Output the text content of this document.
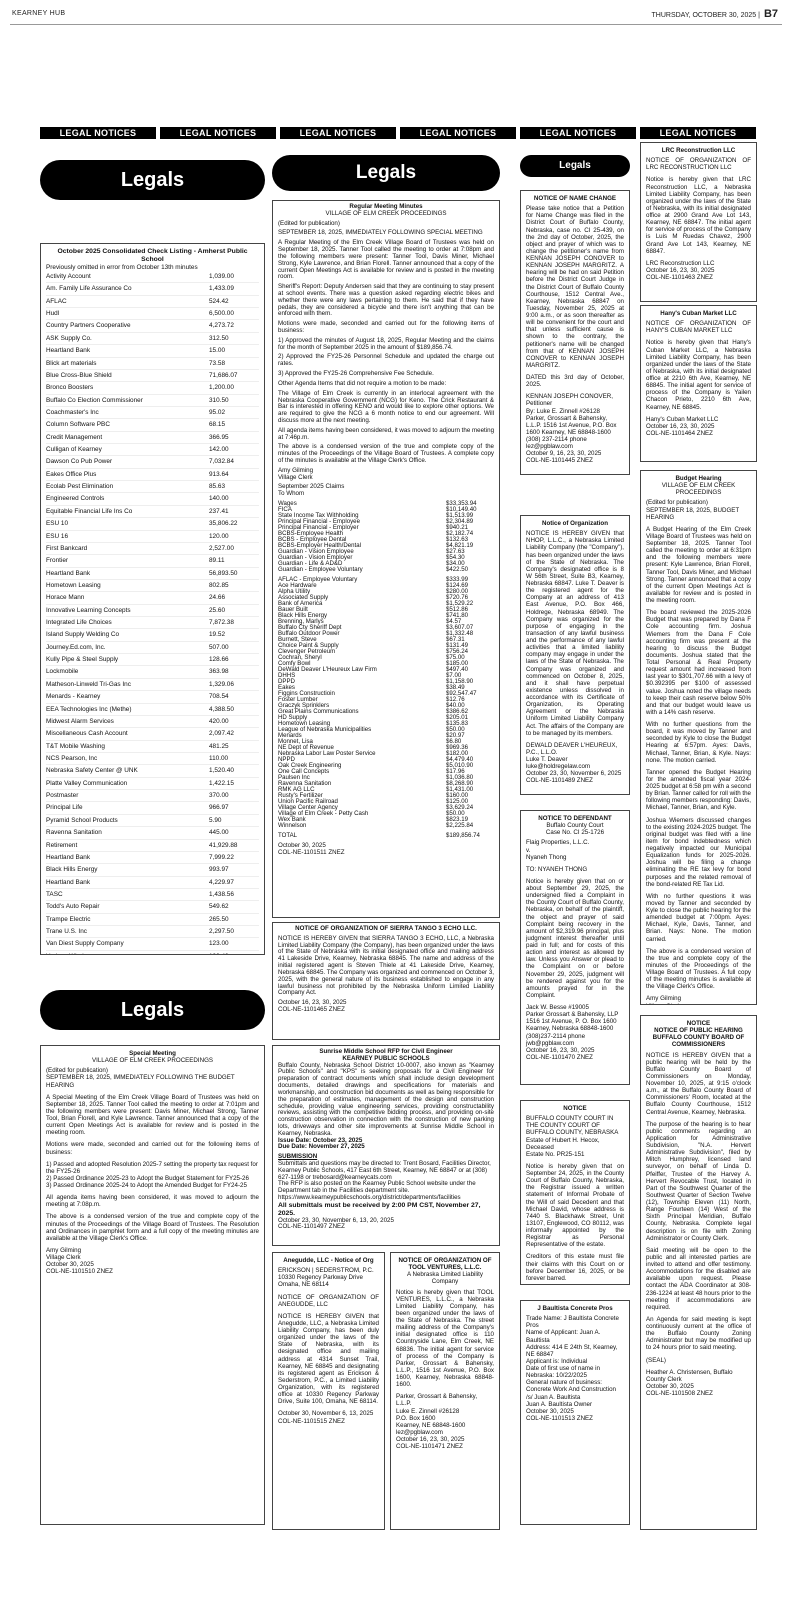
KEARNEY HUB	THURSDAY, OCTOBER 30, 2025 | B7
LEGAL NOTICES	LEGAL NOTICES	LEGAL NOTICES	LEGAL NOTICES	LEGAL NOTICES	LEGAL NOTICES
Legals	Legals	Legals
Legals
October 2025 Consolidated Check Listing - Amherst Public School
Previously omitted in error from October 13th minutes
Activity Account	1,039.00
Am. Family Life Assurance Co	1,433.09
AFLAC	524.42
Hudl	6,500.00
Country Partners Cooperative	4,273.72
ASK Supply Co.	312.50
Heartland Bank	15.00
Blick art materials	73.58
Blue Cross-Blue Shield	71,686.07
Bronco Boosters	1,200.00
Buffalo Co Election Commissioner	310.50
Coachmaster's Inc	95.02
Column Software PBC	68.15
Credit Management	366.95
Culligan of Kearney	142.00
Dawson Co Pub Power	7,032.84
Eakes Office Plus	913.64
Ecolab Pest Elimination	85.63
Engineered Controls	140.00
Equitable Financial Life Ins Co	237.41
ESU 10	35,806.22
ESU 16	120.00
First Bankcard	2,527.00
Frontier	89.11
Heartland Bank	56,893.50
Hometown Leasing	802.85
Horace Mann	24.66
Innovative Learning Concepts	25.60
Integrated Life Choices	7,872.38
Island Supply Welding Co	19.52
Journey.Ed.com, Inc.	507.00
Kully Pipe & Steel Supply	128.66
Lockmobile	363.98
Matheson-Linweld Tri-Gas Inc	1,329.06
Menards - Kearney	708.54
EEA Technologies Inc (Methe)	4,388.50
Midwest Alarm Services	420.00
Miscellaneous Cash Account	2,097.42
T&T Mobile Washing	481.25
NCS Pearson, Inc	110.00
Nebraska Safety Center @ UNK	1,520.40
Platte Valley Communication	1,422.15
Postmaster	370.00
Principal Life	966.97
Pyramid School Products	5.90
Ravenna Sanitation	445.00
Retirement	41,929.88
Heartland Bank	7,999.22
Black Hills Energy	993.97
Heartland Bank	4,229.97
TASC	1,438.56
Todd's Auto Repair	549.62
Trampe Electric	265.50
Trane U.S. Inc	2,297.50
Van Diest Supply Company	123.00
Regular Meeting Minutes
VILLAGE OF ELM CREEK PROCEEDINGS

(Edited for publication)

SEPTEMBER 18, 2025, IMMEDIATELY FOLLOWING SPECIAL MEETING

A Regular Meeting of the Elm Creek Village Board of Trustees was held on September 18, 2025. Tanner Tool called the meeting to order at 7:08pm and the following members were present: Tanner Tool, Davis Miner, Michael Strong, Kyle Lawrence, and Brian Florell. Tanner announced that a copy of the current Open Meetings Act is available for review and is posted in the meeting room.

Sheriff's Report: Deputy Andersen said that they are continuing to stay present at school events. There was a question asked regarding electric bikes and whether there were any laws pertaining to them. He said that if they have pedals, they are considered a bicycle and there isn't anything that can be enforced with them.

Motions were made, seconded and carried out for the following items of business:

1) Approved the minutes of August 18, 2025, Regular Meeting and the claims for the month of September 2025 in the amount of $189,856.74.

2) Approved the FY25-26 Personnel Schedule and updated the charge out rates.

3) Approved the FY25-26 Comprehensive Fee Schedule.

Other Agenda Items that did not require a motion to be made:

The Village of Elm Creek is currently in an interlocal agreement with the Nebraska Cooperative Government (NCG) for Keno. The Crick Restaurant & Bar is interested in offering KENO and would like to explore other options. We are required to give the NCG a 6 month notice to end our agreement. Will discuss more at the next meeting.

All agenda items having been considered, it was moved to adjourn the meeting at 7:46p.m.

The above is a condensed version of the true and complete copy of the minutes of the Proceedings of the Village Board of Trustees. A complete copy of the minutes is available at the Village Clerk's Office.

Amy Gilming
Village Clerk

September 2025 Claims
To Whom

Wages	$33,353.94
FICA	$10,149.40
State Income Tax Withholding	$1,513.99
Principal Financial - Employee	$2,304.89
Principal Financial - Employer	$940.21
BCBS-Employee Health	$2,182.74
BCBS - Employee Dental	$132.63
BCBS-Employer Health/Dental	$4,821.19
Guardian - Vision Employee	$27.63
Guardian - Vision Employer	$54.30
Guardian - Life & AD&D	$34.00
Guardian - Employee Voluntary	$422.50
AFLAC - Employee Voluntary	$333.99
Ace Hardware	$124.69
Alpha Utility	$280.00
Associated Supply	$720.76
Bank of America	$1,529.22
Bauer Built	$512.86
Black Hills Energy	$741.80
Brenning, Marlys	$4.57
Buffalo Cty Sheriff Dept	$3,607.07
Buffalo Outdoor Power	$1,332.48
Burnett, Steve	$67.31
Choice Paint & Supply	$131.49
Clevenger Petroleum	$756.24
Cochran, Sheryl	$75.00
Comfy Bowl	$185.00
DeWald Deaver L'Heureux Law Firm	$497.40
DHHS	$7.00
DPPD	$1,158.90
Eakes	$38.49
Figgins Constructioin	$92,547.47
Foster Lumber	$12.76
Graczyk Sprinklers	$40.00
Great Plains Communications	$386.62
HD Supply	$205.01
Hometown Leasing	$135.83
League of Nebraska Municipalities	$50.00
Menards	$20.97
Monnet, Lisa	$6.80
NE Dept of Revenue	$969.36
Nebraska Labor Law Poster Service	$182.00
NPPD	$4,479.40
Oak Creek Engineering	$5,010.90
One Call Concepts	$17.96
Paulsen Inc	$1,036.80
Ravenna Sanitation	$8,268.90
RMK AG LLC	$1,431.00
Rusty's Fertilizer	$160.00
Union Pacific Railroad	$125.00
Village Center Agency	$3,629.24
Village of Elm Creek - Petty Cash	$50.00
Wex Bank	$823.19
Winnelson	$2,225.84
TOTAL	$189,856.74

October 30, 2025
COL-NE-1101511 ZNEZ

NOTICE OF ORGANIZATION OF SIERRA TANGO 3 ECHO LLC.

NOTICE IS HEREBY GIVEN that SIERRA TANGO 3 ECHO, LLC, a Nebraska Limited Liability Company (the Company), has been organized under the laws of the State of Nebraska with its initial designated office and mailing address 41 Lakeside Drive, Kearney, Nebraska 68845. The name and address of the initial registered agent is Steven Thiele at 41 Lakeside Drive, Kearney, Nebraska 68845. The Company was organized and commenced on October 3, 2025, with the general nature of its business established to engage in any lawful business not prohibited by the Nebraska Uniform Limited Liability Company Act.

October 16, 23, 30, 2025
COL-NE-1101465 ZNEZ

Sunrise Middle School RFP for Civil Engineer
KEARNEY PUBLIC SCHOOLS

Buffalo County, Nebraska School District 10-0007, also known as "Kearney Public Schools" and "KPS" is seeking proposals for a Civil Engineer for preparation of contract documents which shall include design development documents, detailed drawings and specifications for materials and workmanship, and construction bid documents as well as being responsible for the preparation of estimates, management of the design and construction schedule, providing value engineering services, providing constructability reviews, assisting with the competitive bidding process, and providing on-site construction observation in connection with the construction of new parking lots, driveways and other site improvements at Sunrise Middle School in Kearney, Nebraska.

Issue Date: October 23, 2025
Due Date: November 27, 2025
SUBMISSION

Submittals and questions may be directed to: Trent Bosard, Facilities Director, Kearney Public Schools, 417 East 6th Street, Kearney, NE 68847 or at (308) 627-1198 or trebosard@kearneycats.com
The RFP is also posted on the Kearney Public School website under the Department tab in the Facilities department site. https://www.kearneypublicschools.org/district/departments/facilities

All submittals must be received by 2:00 PM CST, November 27, 2025.

October 23, 30, November 6, 13, 20, 2025
COL-NE-1101497 ZNEZ

Special Meeting
VILLAGE OF ELM CREEK PROCEEDINGS

(Edited for publication)
SEPTEMBER 18, 2025, IMMEDIATELY FOLLOWING THE BUDGET HEARING

A Special Meeting of the Elm Creek Village Board of Trustees was held on September 18, 2025. Tanner Tool called the meeting to order at 7:01pm and the following members were present: Davis Miner, Michael Strong, Tanner Tool, Brian Florell, and Kyle Lawrence. Tanner announced that a copy of the current Open Meetings Act is available for review and is posted in the meeting room.

Motions were made, seconded and carried out for the following items of business:

1) Passed and adopted Resolution 2025-7 setting the property tax request for the FY25-26
2) Passed Ordinance 2025-23 to Adopt the Budget Statement for FY25-26
3) Passed Ordinance 2025-24 to Adopt the Amended Budget for FY24-25

All agenda items having been considered, it was moved to adjourn the meeting at 7:08p.m.

The above is a condensed version of the true and complete copy of the minutes of the Proceedings of the Village Board of Trustees. The Resolution and Ordinances in pamphlet form and a full copy of the meeting minutes are available at the Village Clerk's Office.

Amy Gilming
Village Clerk
October 30, 2025
COL-NE-1101510 ZNEZ

Anegudde, LLC - Notice of Org

ERICKSON | SEDERSTROM, P.C.
10330 Regency Parkway Drive
Omaha, NE 68114

NOTICE OF ORGANIZATION OF ANEGUDDE, LLC

NOTICE IS HEREBY GIVEN that Anegudde, LLC, a Nebraska Limited Liability Company, has been duly organized under the laws of the State of Nebraska, with its designated office and mailing address at 4314 Sunset Trail, Kearney, NE 68845 and designating its registered agent as Erickson & Sederstrom, P.C., a Limited Liability Organization, with its registered office at 10330 Regency Parkway Drive, Suite 100, Omaha, NE 68114.

October 30, November 6, 13, 2025
COL-NE-1101515 ZNEZ

NOTICE OF ORGANIZATION OF TOOL VENTURES, L.L.C.
A Nebraska Limited Liability Company

Notice is hereby given that TOOL VENTURES, L.L.C., a Nebraska Limited Liability Company, has been organized under the laws of the State of Nebraska. The street mailing address of the Company's initial designated office is 110 Countryside Lane, Elm Creek, NE 68836. The initial agent for service of process of the Company is Parker, Grossart & Bahensky, L.L.P., 1516 1st Avenue, P.O. Box 1600, Kearney, Nebraska 68848-1600.

Parker, Grossart & Bahensky, L.L.P.
Luke E. Zinnell #26128
P.O. Box 1600
Kearney, NE 68848-1600
lez@pgblaw.com
October 16, 23, 30, 2025
COL-NE-1101471 ZNEZ

NOTICE OF NAME CHANGE

Please take notice that a Petition for Name Change was filed in the District Court of Buffalo County, Nebraska, case no. CI 25-439, on the 2nd day of October, 2025, the object and prayer of which was to change the petitioner's name from KENNAN JOSEPH CONOVER to KENNAN JOSEPH MARGRITZ. A hearing will be had on said Petition before the District Court Judge in the District Court of Buffalo County Courthouse, 1512 Central Ave., Kearney, Nebraska 68847 on Tuesday, November 25, 2025 at 9:00 a.m., or as soon thereafter as will be convenient for the court and that unless sufficient cause is shown to the contrary, the petitioner's name will be changed from that of KENNAN JOSEPH CONOVER to KENNAN JOSEPH MARGRITZ.

DATED this 3rd day of October, 2025.

KENNAN JOSEPH CONOVER, Petitioner
By: Luke E. Zinnell #26128
Parker, Grossart & Bahensky, L.L.P. 1516 1st Avenue, P.O. Box 1600 Kearney, NE 68848-1600
(308) 237-2114 phone
lez@pgblaw.com
October 9, 16, 23, 30, 2025
COL-NE-1101445 ZNEZ

Notice of Organization

NOTICE IS HEREBY GIVEN that NHOP, L.L.C., a Nebraska Limited Liability Company (the "Company"), has been organized under the laws of the State of Nebraska. The Company's designated office is 8 W 56th Street, Suite B3, Kearney, Nebraska 68847. Luke T. Deaver is the registered agent for the Company at an address of 413 East Avenue, P.O. Box 466, Holdrege, Nebraska 68949. The Company was organized for the purpose of engaging in the transaction of any lawful business and the performance of any lawful activities that a limited liability company may engage in under the laws of the State of Nebraska. The Company was organized and commenced on October 8, 2025, and it shall have perpetual existence unless dissolved in accordance with its Certificate of Organization, its Operating Agreement or the Nebraska Uniform Limited Liability Company Act. The affairs of the Company are to be managed by its members.

DEWALD DEAVER L'HEUREUX, P.C., L.L.O.
Luke T. Deaver
luke@holdregelaw.com
October 23, 30, November 6, 2025
COL-NE-1101489 ZNEZ

NOTICE TO DEFENDANT
Buffalo County Court
Case No. CI 25-1726

Flaig Properties, L.L.C.
v.
Nyaneh Thong

TO: NYANEH THONG

Notice is hereby given that on or about September 29, 2025, the undersigned filed a Complaint in the County Court of Buffalo County, Nebraska, on behalf of the plaintiff, the object and prayer of said Complaint being recovery in the amount of $2,319.96 principal, plus judgment interest thereafter until paid in full; and for costs of this action and interest as allowed by law. Unless you Answer or plead to the Complaint on or before November 29, 2025, judgment will be rendered against you for the amounts prayed for in the Complaint.

Jack W. Besse #19005
Parker Grossart & Bahensky, LLP
1516 1st Avenue, P. O. Box 1600
Kearney, Nebraska 68848-1600
(308)237-2114 phone
jwb@pgblaw.com
October 16, 23, 30, 2025
COL-NE-1101470 ZNEZ

NOTICE

BUFFALO COUNTY COURT IN THE COUNTY COURT OF BUFFALO COUNTY, NEBRASKA
Estate of Hubert H. Hecox, Deceased
Estate No. PR25-151

Notice is hereby given that on September 24, 2025, in the County Court of Buffalo County, Nebraska, the Registrar issued a written statement of Informal Probate of the Will of said Decedent and that Michael David, whose address is 7440 S. Blackhawk Street, Unit 13107, Englewood, CO 80112, was informally appointed by the Registrar as Personal Representative of the estate.

Creditors of this estate must file their claims with this Court on or before December 16, 2025, or be forever barred.

J Baultista Concrete Pros

Trade Name: J Baultista Concrete Pros
Name of Applicant: Juan A. Baultista
Address: 414 E 24th St, Kearney, NE 68847
Applicant is: Individual
Date of first use of name in Nebraska: 10/22/2025
General nature of business: Concrete Work And Construction
/s/ Juan A. Baultista
Juan A. Baultista Owner
October 30, 2025
COL-NE-1101513 ZNEZ

LRC Reconstruction LLC

NOTICE OF ORGANIZATION OF LRC RECONSTRUCTION LLC

Notice is hereby given that LRC Reconstruction LLC, a Nebraska Limited Liability Company, has been organized under the laws of the State of Nebraska, with its initial designated office at 2900 Grand Ave Lot 143, Kearney, NE 68847. The initial agent for service of process of the Company is Luis M Ruedas Chavez, 2900 Grand Ave Lot 143, Kearney, NE 68847.

LRC Reconstruction LLC
October 16, 23, 30, 2025
COL-NE-1101463 ZNEZ

Hany's Cuban Market LLC

NOTICE OF ORGANIZATION OF HANY'S CUBAN MARKET LLC

Notice is hereby given that Hany's Cuban Market LLC, a Nebraska Limited Liability Company, has been organized under the laws of the State of Nebraska, with its initial designated office at 2210 6th Ave, Kearney, NE 68845. The initial agent for service of process of the Company is Yailen Chacon Prieto, 2210 6th Ave, Kearney, NE 68845.

Hany's Cuban Market LLC
October 16, 23, 30, 2025
COL-NE-1101464 ZNEZ

Budget Hearing
VILLAGE OF ELM CREEK PROCEEDINGS

(Edited for publication)
SEPTEMBER 18, 2025, BUDGET HEARING

A Budget Hearing of the Elm Creek Village Board of Trustees was held on September 18, 2025. Tanner Tool called the meeting to order at 6:31pm and the following members were present: Kyle Lawrence, Brian Florell, Tanner Tool, Davis Miner, and Michael Strong. Tanner announced that a copy of the current Open Meetings Act is available for review and is posted in the meeting room.

The board reviewed the 2025-2026 Budget that was prepared by Dana F Cole accounting firm. Joshua Wiemers from the Dana F Cole accounting firm was present at the hearing to discuss the Budget documents. Joshua stated that the Total Personal & Real Property request amount had increased from last year to $301,707.66 with a levy of $0.392395 per $100 of assessed value. Joshua noted the village needs to keep their cash reserve below 50% and that our budget would leave us with a 14% cash reserve.

With no further questions from the board, it was moved by Tanner and seconded by Kyle to close the Budget Hearing at 6:57pm. Ayes: Davis, Michael, Tanner, Brian, & Kyle. Nays: none. The motion carried.

Tanner opened the Budget Hearing for the amended fiscal year 2024-2025 budget at 6:58 pm with a second by Brian. Tanner called for roll with the following members responding: Davis, Michael, Tanner, Brian, and Kyle.

Joshua Wiemers discussed changes to the existing 2024-2025 budget. The original budget was filed with a line item for bond indebtedness which negatively impacted our Municipal Equalization funds for 2025-2026. Joshua will be filing a change eliminating the RE tax levy for bond purposes and the related removal of the bond-related RE Tax Lid.

With no further questions it was moved by Tanner and seconded by Kyle to close the public hearing for the amended budget at 7:00pm. Ayes: Michael, Kyle, Davis, Tanner, and Brian. Nays: None. The motion carried.

The above is a condensed version of the true and complete copy of the minutes of the Proceedings of the Village Board of Trustees. A full copy of the meeting minutes is available at the Village Clerk's Office.

Amy Gilming

NOTICE
NOTICE OF PUBLIC HEARING
BUFFALO COUNTY BOARD OF COMMISSIONERS

NOTICE IS HEREBY GIVEN that a public hearing will be held by the Buffalo County Board of Commissioners on Monday, November 10, 2025, at 9:15 o'clock a.m., at the Buffalo County Board of Commissioners' Room, located at the Buffalo County Courthouse, 1512 Central Avenue, Kearney, Nebraska.

The purpose of the hearing is to hear public comments regarding an Application for Administrative Subdivision, "N.A. Hervert Administrative Subdivision", filed by Mitch Humphrey, licensed land surveyor, on behalf of Linda D. Pfeiffer, Trustee of the Harvey A. Hervert Revocable Trust, located in Part of the Southwest Quarter of the Southwest Quarter of Section Twelve (12), Township Eleven (11) North, Range Fourteen (14) West of the Sixth Principal Meridian, Buffalo County, Nebraska. Complete legal description is on file with Zoning Administrator or County Clerk.

Said meeting will be open to the public and all interested parties are invited to attend and offer testimony. Accommodations for the disabled are available upon request. Please contact the ADA Coordinator at 308-236-1224 at least 48 hours prior to the meeting if accommodations are required.

An Agenda for said meeting is kept continuously current at the office of the Buffalo County Zoning Administrator but may be modified up to 24 hours prior to said meeting.

(SEAL)

Heather A. Christensen, Buffalo County Clerk
October 30, 2025
COL-NE-1101508 ZNEZ
